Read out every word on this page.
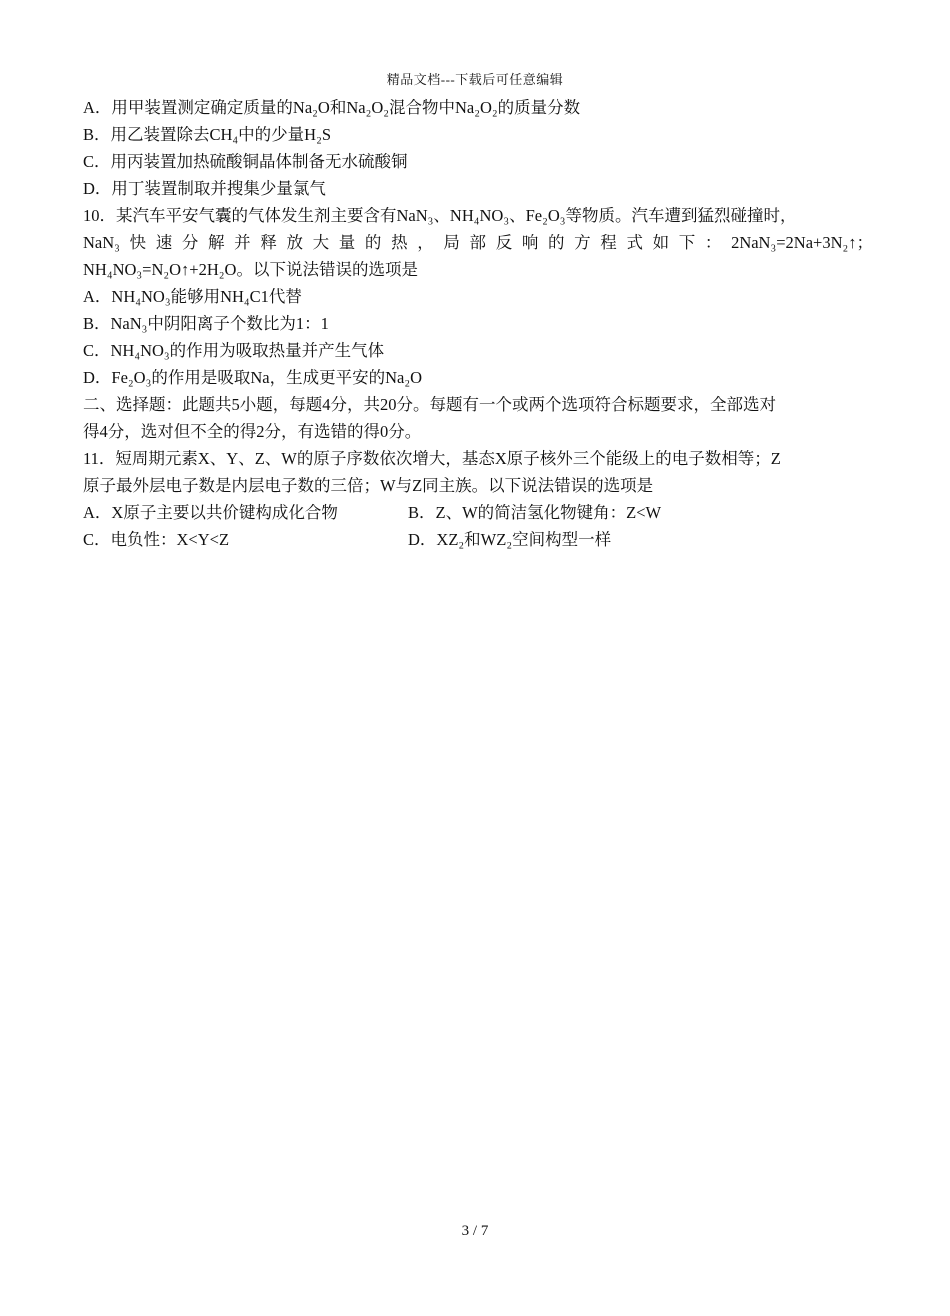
精品文档---下载后可任意编辑
A．用甲装置测定确定质量的Na₂O和Na₂O₂混合物中Na₂O₂的质量分数
B．用乙装置除去CH₄中的少量H₂S
C．用丙装置加热硫酸铜晶体制备无水硫酸铜
D．用丁装置制取并搜集少量氯气
10．某汽车平安气囊的气体发生剂主要含有NaN₃、NH₄NO₃、Fe₂O₃等物质。汽车遭到猛烈碰撞时，
NaN₃快速分解并释放大量的热，局部反响的方程式如下：2NaN₃=2Na+3N₂↑；
NH₄NO₃=N₂O↑+2H₂O。以下说法错误的选项是
A．NH₄NO₃能够用NH₄C1代替
B．NaN₃中阴阳离子个数比为1：1
C．NH₄NO₃的作用为吸取热量并产生气体
D．Fe₂O₃的作用是吸取Na，生成更平安的Na₂O
二、选择题：此题共5小题，每题4分，共20分。每题有一个或两个选项符合标题要求，全部选对
得4分，选对但不全的得2分，有选错的得0分。
11．短周期元素X、Y、Z、W的原子序数依次增大，基态X原子核外三个能级上的电子数相等；Z
原子最外层电子数是内层电子数的三倍；W与Z同主族。以下说法错误的选项是
A．X原子主要以共价键构成化合物	B．Z、W的简洁氢化物键角：Z<W
C．电负性：X<Y<Z	D．XZ₂和WZ₂空间构型一样
3 / 7
